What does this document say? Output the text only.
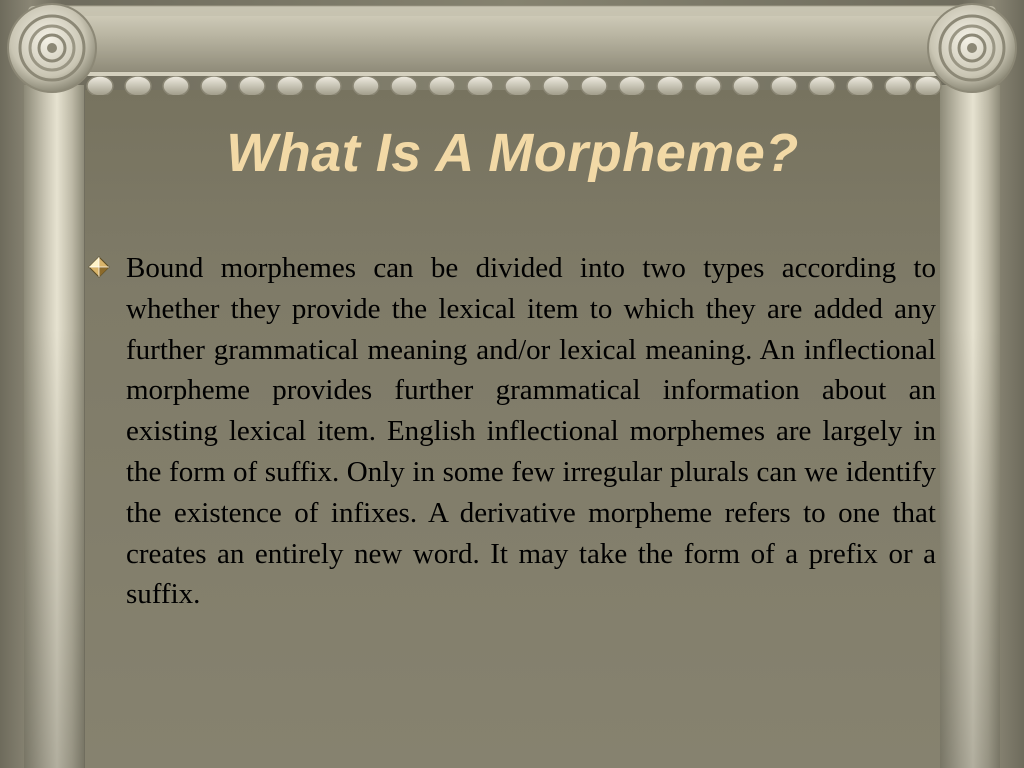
What Is A Morpheme?

Bound morphemes can be divided into two types according to whether they provide the lexical item to which they are added any further grammatical meaning and/or lexical meaning. An inflectional morpheme provides further grammatical information about an existing lexical item. English inflectional morphemes are largely in the form of suffix. Only in some few irregular plurals can we identify the existence of infixes. A derivative morpheme refers to one that creates an entirely new word. It may take the form of a prefix or a suffix.
